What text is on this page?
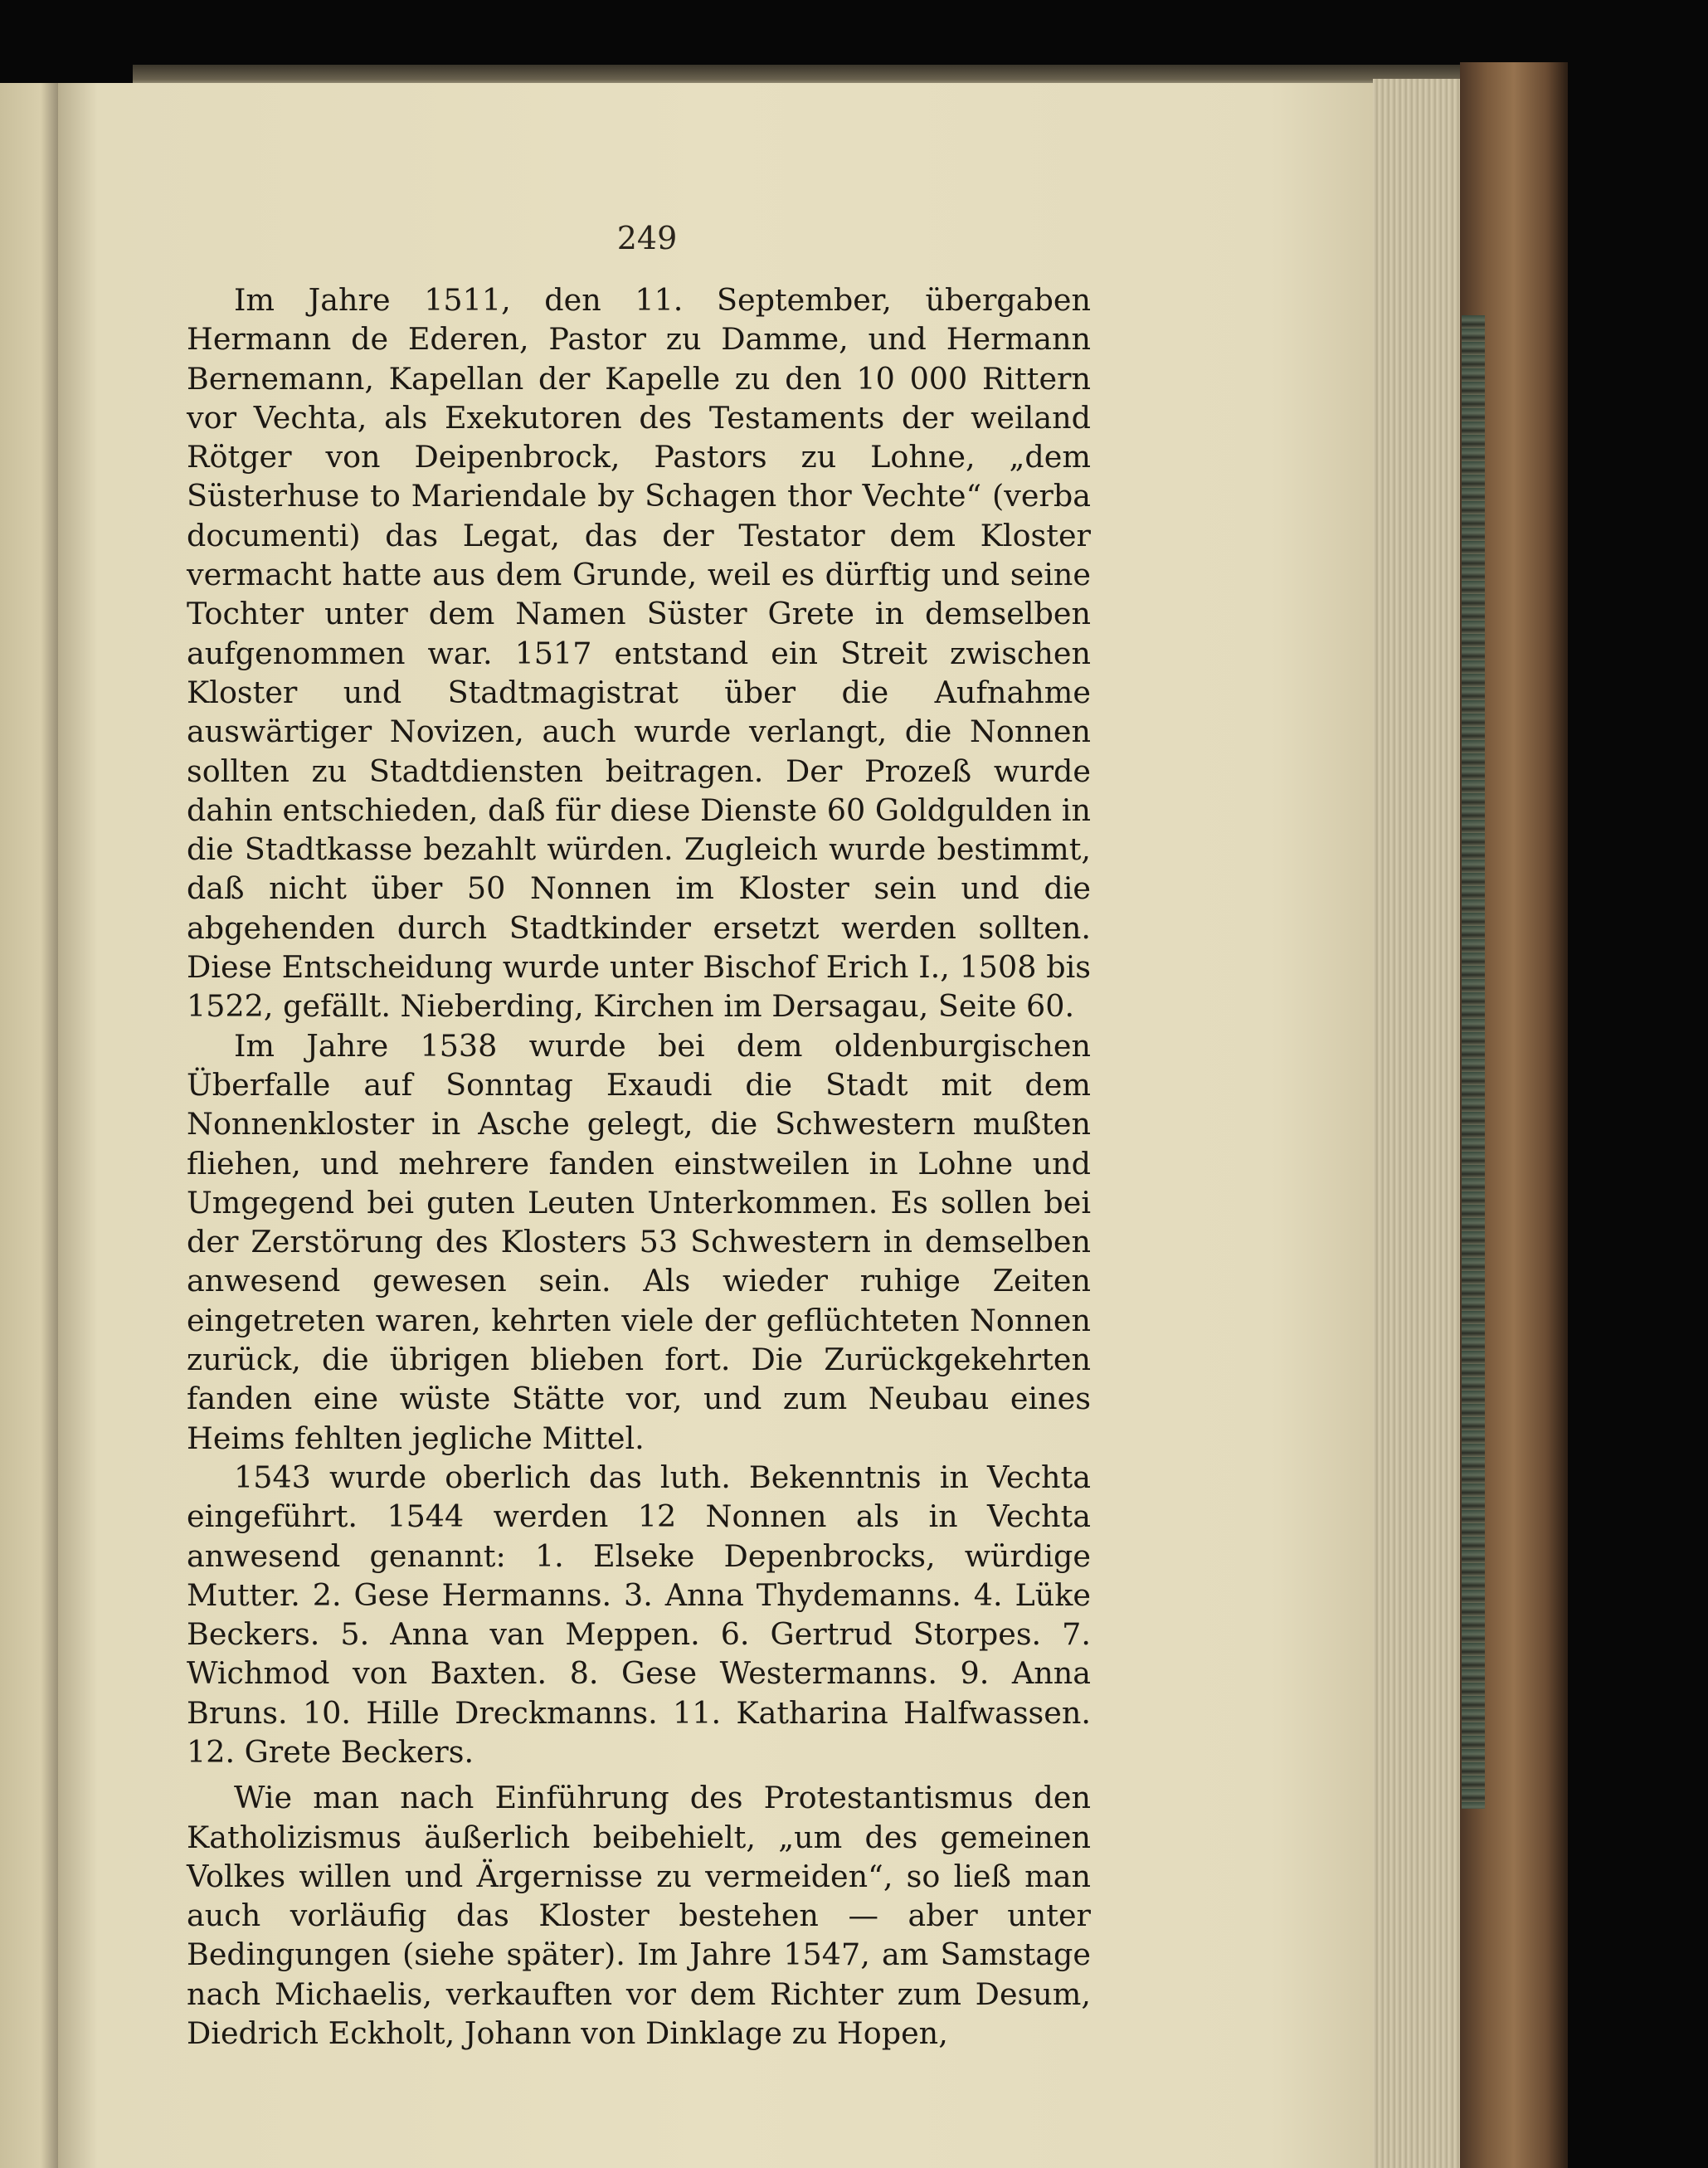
249

Im Jahre 1511, den 11. September, übergaben Hermann de Ederen, Pastor zu Damme, und Hermann Bernemann, Kapellan der Kapelle zu den 10 000 Rittern vor Vechta, als Exekutoren des Testaments der weiland Rötger von Deipenbrock, Pastors zu Lohne, „dem Süsterhuse to Mariendale by Schagen thor Vechte“ (verba documenti) das Legat, das der Testator dem Kloster vermacht hatte aus dem Grunde, weil es dürftig und seine Tochter unter dem Namen Süster Grete in demselben aufgenommen war. 1517 entstand ein Streit zwischen Kloster und Stadtmagistrat über die Aufnahme auswärtiger Novizen, auch wurde verlangt, die Nonnen sollten zu Stadtdiensten beitragen. Der Prozeß wurde dahin entschieden, daß für diese Dienste 60 Goldgulden in die Stadtkasse bezahlt würden. Zugleich wurde bestimmt, daß nicht über 50 Nonnen im Kloster sein und die abgehenden durch Stadtkinder ersetzt werden sollten. Diese Entscheidung wurde unter Bischof Erich I., 1508 bis 1522, gefällt. Nieberding, Kirchen im Dersagau, Seite 60.

Im Jahre 1538 wurde bei dem oldenburgischen Überfalle auf Sonntag Exaudi die Stadt mit dem Nonnenkloster in Asche gelegt, die Schwestern mußten fliehen, und mehrere fanden einstweilen in Lohne und Umgegend bei guten Leuten Unterkommen. Es sollen bei der Zerstörung des Klosters 53 Schwestern in demselben anwesend gewesen sein. Als wieder ruhige Zeiten eingetreten waren, kehrten viele der geflüchteten Nonnen zurück, die übrigen blieben fort. Die Zurückgekehrten fanden eine wüste Stätte vor, und zum Neubau eines Heims fehlten jegliche Mittel.

1543 wurde oberlich das luth. Bekenntnis in Vechta eingeführt. 1544 werden 12 Nonnen als in Vechta anwesend genannt: 1. Elseke Depenbrocks, würdige Mutter. 2. Gese Hermanns. 3. Anna Thydemanns. 4. Lüke Beckers. 5. Anna van Meppen. 6. Gertrud Storpes. 7. Wichmod von Baxten. 8. Gese Westermanns. 9. Anna Bruns. 10. Hille Dreckmanns. 11. Katharina Halfwassen. 12. Grete Beckers.

Wie man nach Einführung des Protestantismus den Katholizismus äußerlich beibehielt, „um des gemeinen Volkes willen und Ärgernisse zu vermeiden“, so ließ man auch vorläufig das Kloster bestehen — aber unter Bedingungen (siehe später). Im Jahre 1547, am Samstage nach Michaelis, verkauften vor dem Richter zum Desum, Diedrich Eckholt, Johann von Dinklage zu Hopen,
